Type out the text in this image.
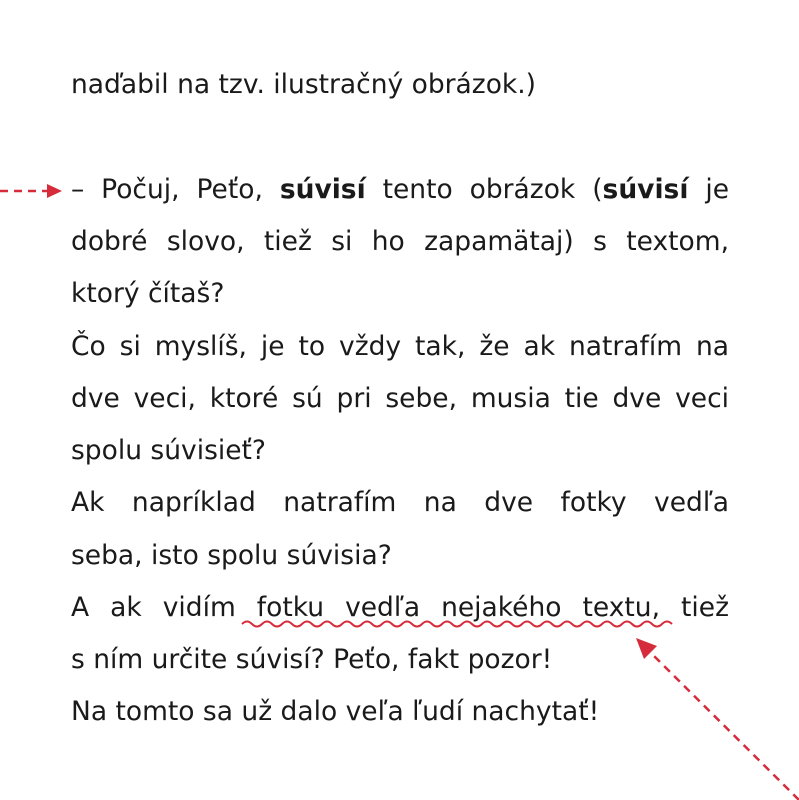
naďabil na tzv. ilustračný obrázok.)
– Počuj, Peťo, súvisí tento obrázok (súvisí je
dobré slovo, tiež si ho zapamätaj) s textom,
ktorý čítaš?
Čo si myslíš, je to vždy tak, že ak natrafím na
dve veci, ktoré sú pri sebe, musia tie dve veci
spolu súvisieť?
Ak napríklad natrafím na dve fotky vedľa
seba, isto spolu súvisia?
A ak vidím fotku vedľa nejakého textu, tiež
s ním určite súvisí? Peťo, fakt pozor!
Na tomto sa už dalo veľa ľudí nachytať!
